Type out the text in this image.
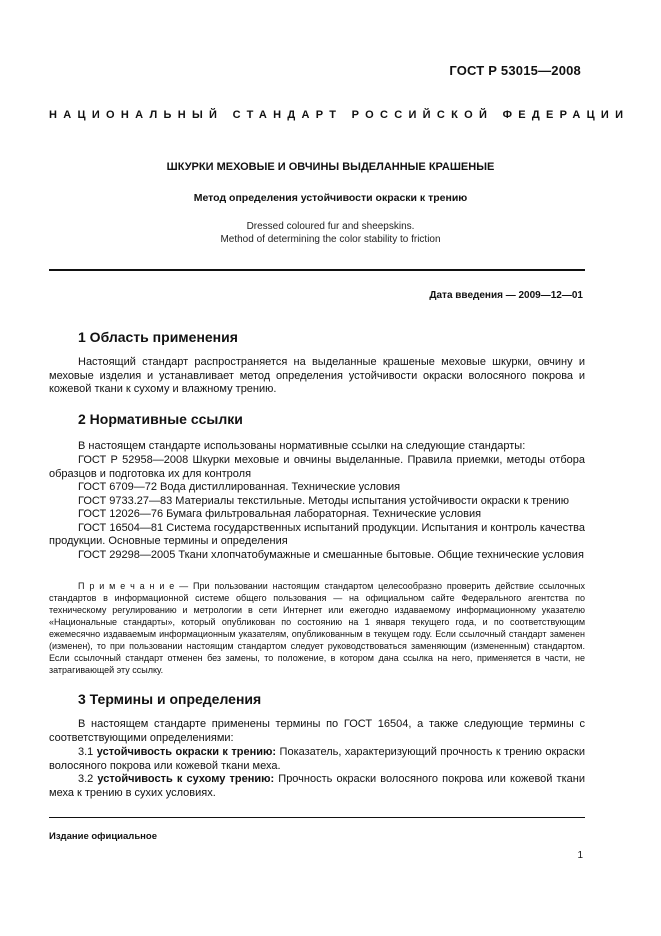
ГОСТ Р 53015—2008
НАЦИОНАЛЬНЫЙ СТАНДАРТ РОССИЙСКОЙ ФЕДЕРАЦИИ
ШКУРКИ МЕХОВЫЕ И ОВЧИНЫ ВЫДЕЛАННЫЕ КРАШЕНЫЕ
Метод определения устойчивости окраски к трению
Dressed coloured fur and sheepskins.
Method of determining the color stability to friction
Дата введения — 2009—12—01
1 Область применения
Настоящий стандарт распространяется на выделанные крашеные меховые шкурки, овчину и меховые изделия и устанавливает метод определения устойчивости окраски волосяного покрова и кожевой ткани к сухому и влажному трению.
2 Нормативные ссылки
В настоящем стандарте использованы нормативные ссылки на следующие стандарты:
ГОСТ Р 52958—2008 Шкурки меховые и овчины выделанные. Правила приемки, методы отбора образцов и подготовка их для контроля
ГОСТ 6709—72 Вода дистиллированная. Технические условия
ГОСТ 9733.27—83 Материалы текстильные. Методы испытания устойчивости окраски к трению
ГОСТ 12026—76 Бумага фильтровальная лабораторная. Технические условия
ГОСТ 16504—81 Система государственных испытаний продукции. Испытания и контроль качества продукции. Основные термины и определения
ГОСТ 29298—2005 Ткани хлопчатобумажные и смешанные бытовые. Общие технические условия
П р и м е ч а н и е — При пользовании настоящим стандартом целесообразно проверить действие ссылочных стандартов в информационной системе общего пользования — на официальном сайте Федерального агентства по техническому регулированию и метрологии в сети Интернет или ежегодно издаваемому информационному указателю «Национальные стандарты», который опубликован по состоянию на 1 января текущего года, и по соответствующим ежемесячно издаваемым информационным указателям, опубликованным в текущем году. Если ссылочный стандарт заменен (изменен), то при пользовании настоящим стандартом следует руководствоваться заменяющим (измененным) стандартом. Если ссылочный стандарт отменен без замены, то положение, в котором дана ссылка на него, применяется в части, не затрагивающей эту ссылку.
3 Термины и определения
В настоящем стандарте применены термины по ГОСТ 16504, а также следующие термины с соответствующими определениями:
3.1 устойчивость окраски к трению: Показатель, характеризующий прочность к трению окраски волосяного покрова или кожевой ткани меха.
3.2 устойчивость к сухому трению: Прочность окраски волосяного покрова или кожевой ткани меха к трению в сухих условиях.
Издание официальное
1
